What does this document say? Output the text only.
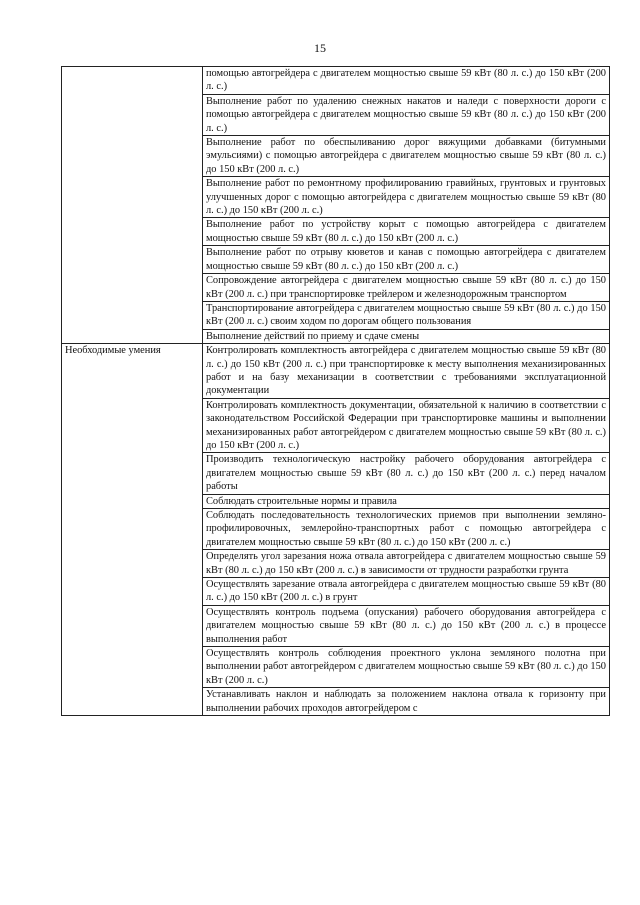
15
	помощью автогрейдера с двигателем мощностью свыше 59 кВт (80 л. с.) до 150 кВт (200 л. с.)
	Выполнение работ по удалению снежных накатов и наледи с поверхности дороги с помощью автогрейдера с двигателем мощностью свыше 59 кВт (80 л. с.) до 150 кВт (200 л. с.)
	Выполнение работ по обеспыливанию дорог вяжущими добавками (битумными эмульсиями) с помощью автогрейдера с двигателем мощностью свыше 59 кВт (80 л. с.) до 150 кВт (200 л. с.)
	Выполнение работ по ремонтному профилированию гравийных, грунтовых и грунтовых улучшенных дорог с помощью автогрейдера с двигателем мощностью свыше 59 кВт (80 л. с.) до 150 кВт (200 л. с.)
	Выполнение работ по устройству корыт с помощью автогрейдера с двигателем мощностью свыше 59 кВт (80 л. с.) до 150 кВт (200 л. с.)
	Выполнение работ по отрыву кюветов и канав с помощью автогрейдера с двигателем мощностью свыше 59 кВт (80 л. с.) до 150 кВт (200 л. с.)
	Сопровождение автогрейдера с двигателем мощностью свыше 59 кВт (80 л. с.) до 150 кВт (200 л. с.) при транспортировке трейлером и железнодорожным транспортом
	Транспортирование автогрейдера с двигателем мощностью свыше 59 кВт (80 л. с.) до 150 кВт (200 л. с.) своим ходом по дорогам общего пользования
	Выполнение действий по приему и сдаче смены
Необходимые умения	Контролировать комплектность автогрейдера с двигателем мощностью свыше 59 кВт (80 л. с.) до 150 кВт (200 л. с.) при транспортировке к месту выполнения механизированных работ и на базу механизации в соответствии с требованиями эксплуатационной документации
	Контролировать комплектность документации, обязательной к наличию в соответствии с законодательством Российской Федерации при транспортировке машины и выполнении механизированных работ автогрейдером с двигателем мощностью свыше 59 кВт (80 л. с.) до 150 кВт (200 л. с.)
	Производить технологическую настройку рабочего оборудования автогрейдера с двигателем мощностью свыше 59 кВт (80 л. с.) до 150 кВт (200 л. с.) перед началом работы
	Соблюдать строительные нормы и правила
	Соблюдать последовательность технологических приемов при выполнении земляно-профилировочных, землеройно-транспортных работ с помощью автогрейдера с двигателем мощностью свыше 59 кВт (80 л. с.) до 150 кВт (200 л. с.)
	Определять угол зарезания ножа отвала автогрейдера с двигателем мощностью свыше 59 кВт (80 л. с.) до 150 кВт (200 л. с.) в зависимости от трудности разработки грунта
	Осуществлять зарезание отвала автогрейдера с двигателем мощностью свыше 59 кВт (80 л. с.) до 150 кВт (200 л. с.) в грунт
	Осуществлять контроль подъема (опускания) рабочего оборудования автогрейдера с двигателем мощностью свыше 59 кВт (80 л. с.) до 150 кВт (200 л. с.) в процессе выполнения работ
	Осуществлять контроль соблюдения проектного уклона земляного полотна при выполнении работ автогрейдером с двигателем мощностью свыше 59 кВт (80 л. с.) до 150 кВт (200 л. с.)
	Устанавливать наклон и наблюдать за положением наклона отвала к горизонту при выполнении рабочих проходов автогрейдером с
